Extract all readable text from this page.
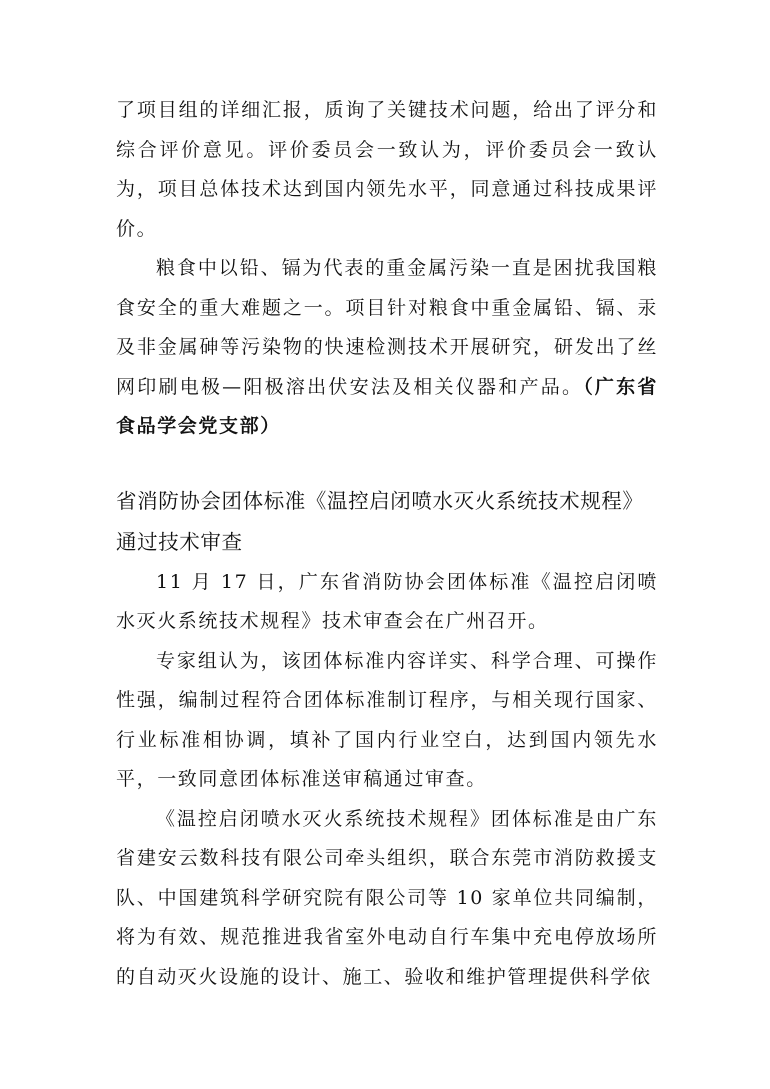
了项目组的详细汇报，质询了关键技术问题，给出了评分和综合评价意见。评价委员会一致认为，评价委员会一致认为，项目总体技术达到国内领先水平，同意通过科技成果评价。

粮食中以铅、镉为代表的重金属污染一直是困扰我国粮食安全的重大难题之一。项目针对粮食中重金属铅、镉、汞及非金属砷等污染物的快速检测技术开展研究，研发出了丝网印刷电极—阳极溶出伏安法及相关仪器和产品。（广东省食品学会党支部）

省消防协会团体标准《温控启闭喷水灭火系统技术规程》通过技术审查

11 月 17 日，广东省消防协会团体标准《温控启闭喷水灭火系统技术规程》技术审查会在广州召开。

专家组认为，该团体标准内容详实、科学合理、可操作性强，编制过程符合团体标准制订程序，与相关现行国家、行业标准相协调，填补了国内行业空白，达到国内领先水平，一致同意团体标准送审稿通过审查。

《温控启闭喷水灭火系统技术规程》团体标准是由广东省建安云数科技有限公司牵头组织，联合东莞市消防救援支队、中国建筑科学研究院有限公司等 10 家单位共同编制，将为有效、规范推进我省室外电动自行车集中充电停放场所的自动灭火设施的设计、施工、验收和维护管理提供科学依
